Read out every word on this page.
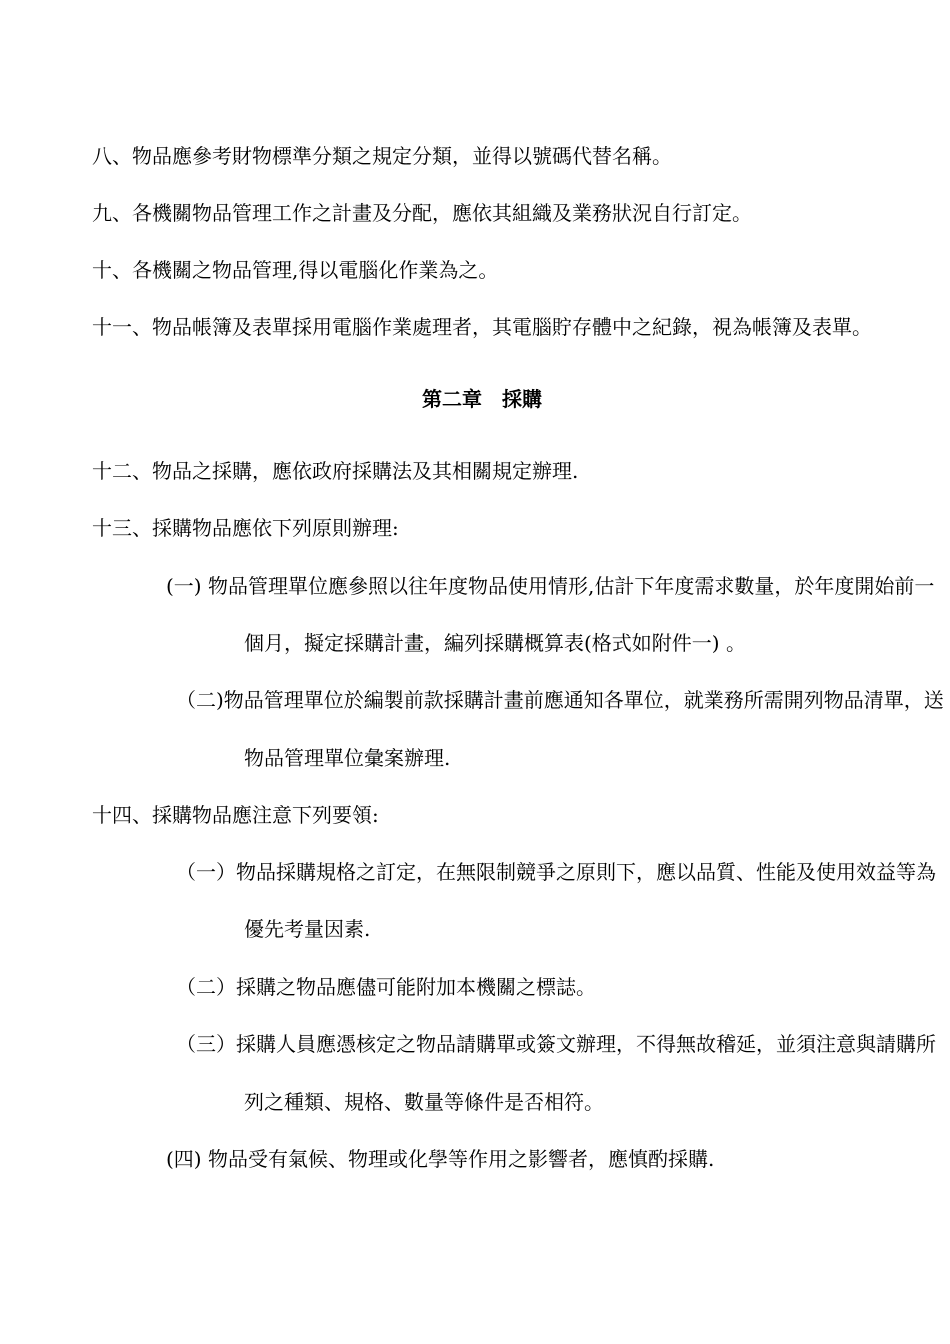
八、物品應參考財物標準分類之規定分類，並得以號碼代替名稱。
九、各機關物品管理工作之計畫及分配，應依其組織及業務狀況自行訂定。
十、各機關之物品管理,得以電腦化作業為之。
十一、物品帳簿及表單採用電腦作業處理者，其電腦貯存體中之紀錄，視為帳簿及表單。
第二章　採購
十二、物品之採購，應依政府採購法及其相關規定辦理.
十三、採購物品應依下列原則辦理:
(一) 物品管理單位應參照以往年度物品使用情形,估計下年度需求數量，於年度開始前一
個月，擬定採購計畫，編列採購概算表(格式如附件一) 。
（二)物品管理單位於編製前款採購計畫前應通知各單位，就業務所需開列物品清單，送
物品管理單位彙案辦理.
十四、採購物品應注意下列要領:
（一）物品採購規格之訂定，在無限制競爭之原則下，應以品質、性能及使用效益等為
優先考量因素.
（二）採購之物品應儘可能附加本機關之標誌。
（三）採購人員應憑核定之物品請購單或簽文辦理，不得無故稽延，並須注意與請購所
列之種類、規格、數量等條件是否相符。
(四) 物品受有氣候、物理或化學等作用之影響者，應慎酌採購.
